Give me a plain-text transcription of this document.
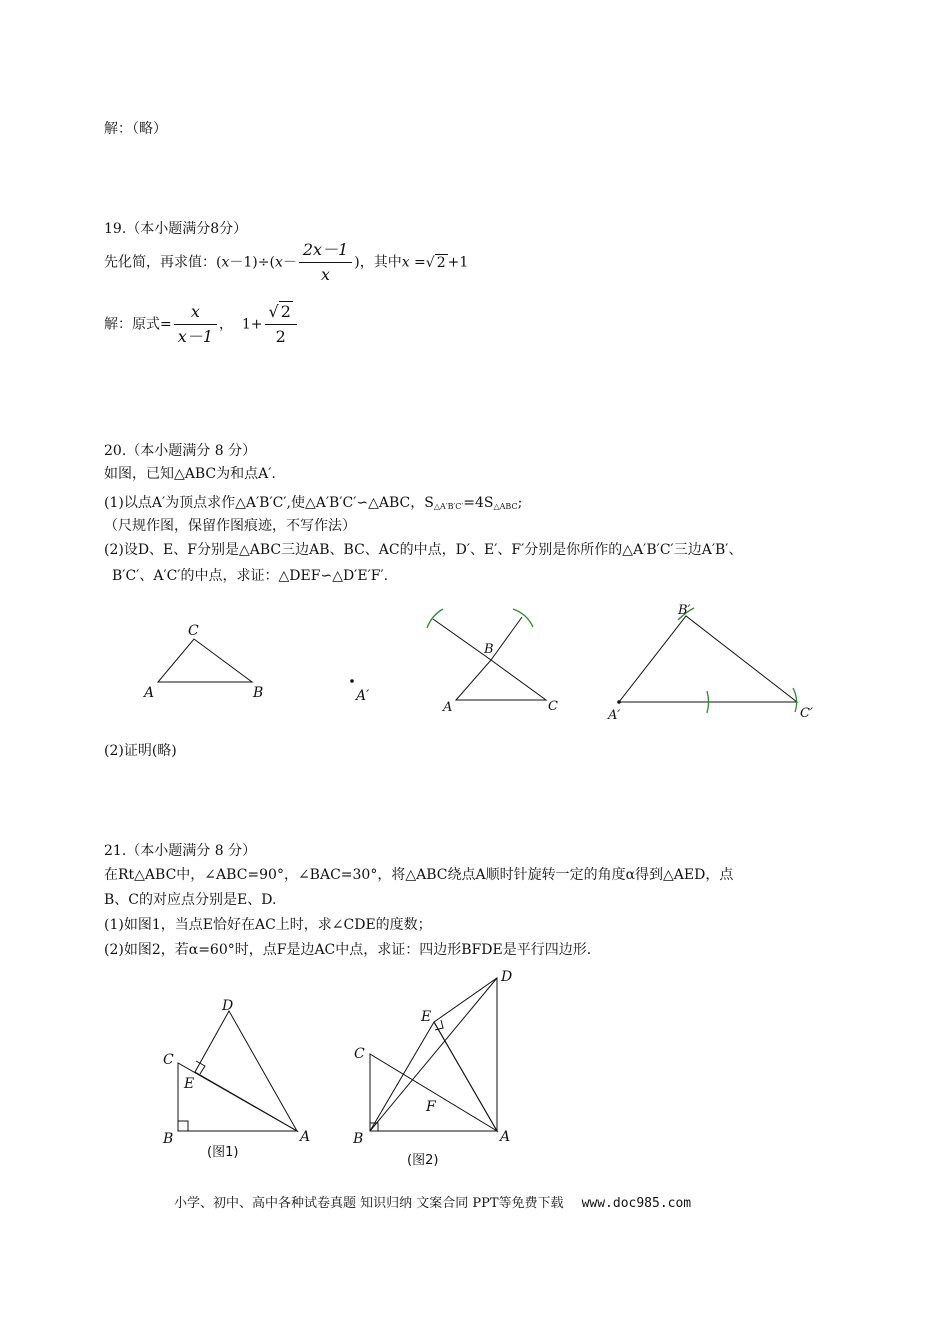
解：（略）
19.（本小题满分8分）
先化简，再求值：$(x-1)\div(x- \frac{2x-1}{x}$ )，其中x =√ 2 +1
解：原式= $\frac{x}{x-1}$ ， $1+ \frac{√ 2}{2}$
20.（本小题满分 8 分）
如图，已知△ABC为和点A′.
(1)以点A′为顶点求作△A′B′C′,使△A′B′C′∽△ABC，$S_{\triangle A'B'C'}=4S_{\triangle ABC}$;
（尺规作图，保留作图痕迹，不写作法）
(2)设D、E、F分别是△ABC三边AB、BC、AC的中点，D′、E′、F′分别是你所作的△A′B′C′三边A′B′、
B′C′、A′C′的中点，求证：△DEF∽△D′E′F′.
A	B
C
A′
B
A	C
A′	C′
B′
(2)证明(略)
21.（本小题满分 8 分）
在Rt△ABC中，∠ABC=90°，∠BAC=30°，将△ABC绕点A顺时针旋转一定的角度α得到△AED，点
B、C的对应点分别是E、D.
(1)如图1，当点E恰好在AC上时，求∠CDE的度数；
(2)如图2，若α=60°时，点F是边AC中点，求证：四边形BFDE是平行四边形.
B	A
C
D
E
(图1)
B	A
C
D
E
F
(图2)
小学、初中、高中各种试卷真题 知识归纳 文案合同 PPT等免费下载 www.doc985.com
